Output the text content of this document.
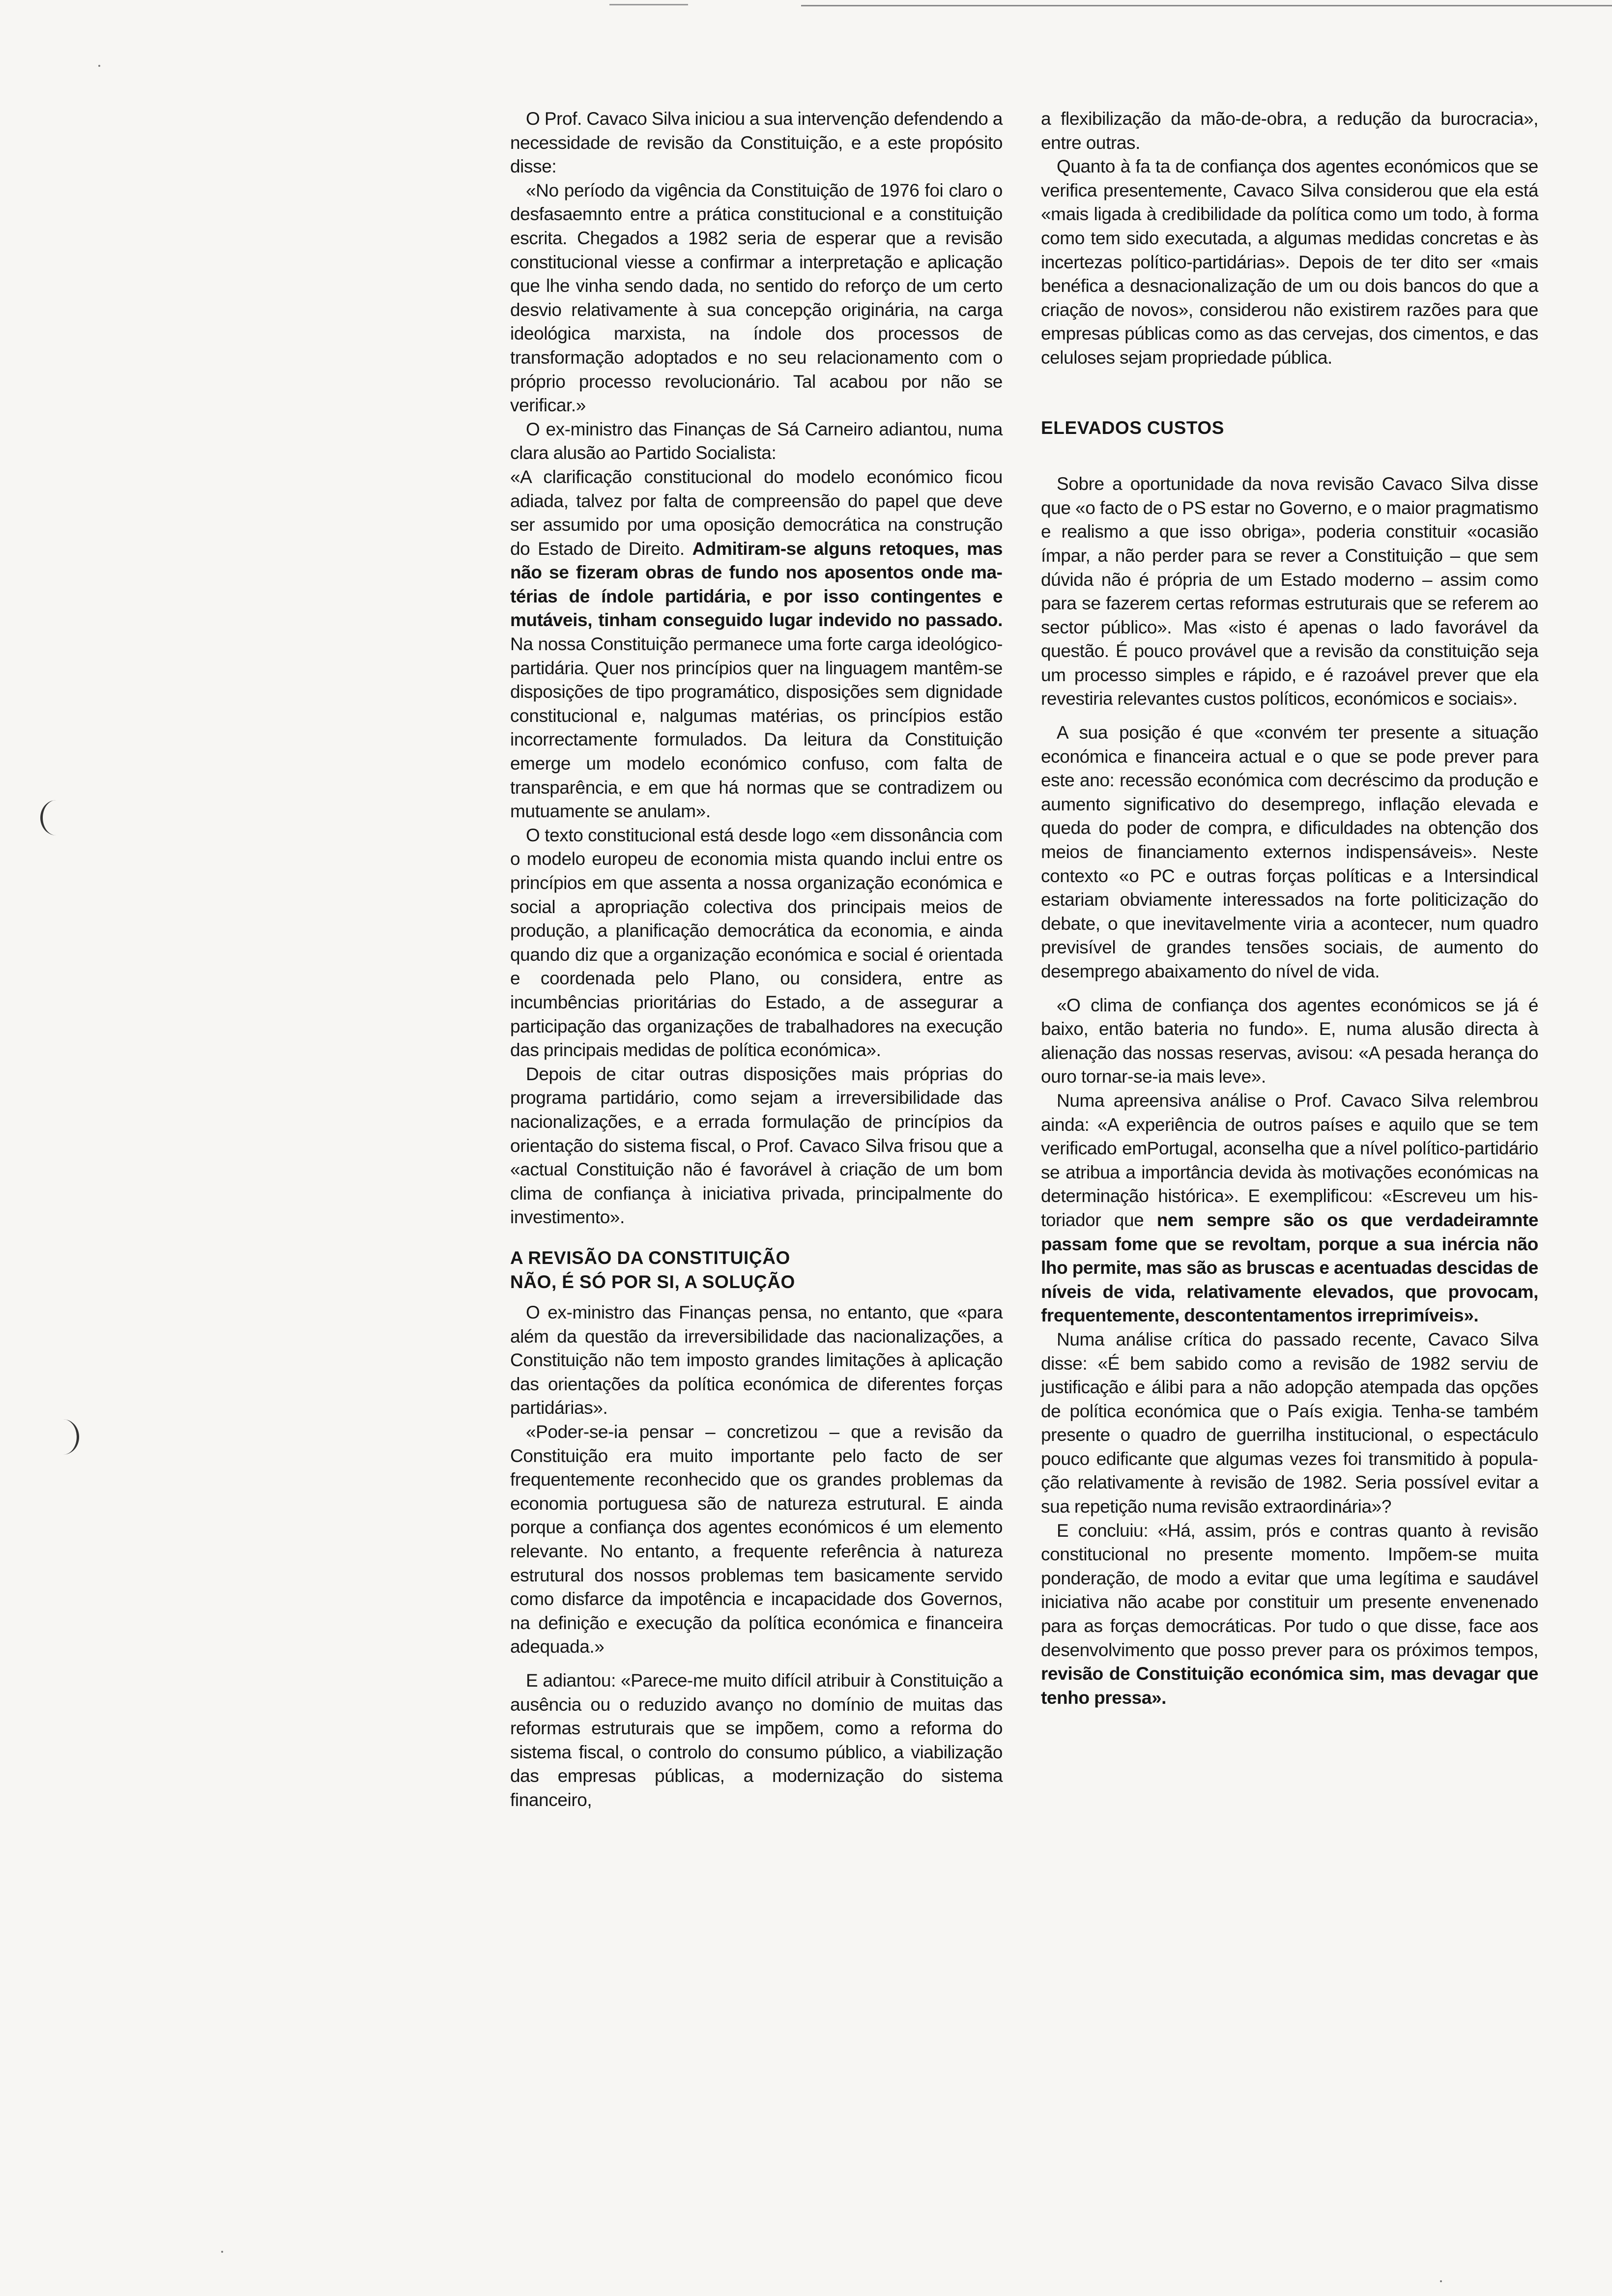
O Prof. Cavaco Silva iniciou a sua intervenção defendendo a necessidade de revisão da Constituição, e a este propósito disse:

«No período da vigência da Constituição de 1976 foi claro o desfasaemnto entre a prática constitucional e a constituição escrita. Chegados a 1982 seria de esperar que a revisão constitucional viesse a confirmar a interpretação e aplicação que lhe vinha sendo dada, no sentido do reforço de um certo desvio relativamente à sua concepção originária, na carga ideológica marxista, na índole dos processos de transformação adoptados e no seu relacionamento com o próprio processo revolucionário. Tal acabou por não se verificar.»

O ex-ministro das Finanças de Sá Carneiro adiantou, numa clara alusão ao Partido Socialista:

«A clarificação constitucional do modelo económico ficou adiada, talvez por falta de compreensão do papel que deve ser assumido por uma oposição democrática na construção do Estado de Direito. Admitiram-se alguns retoques, mas não se fizeram obras de fundo nos aposentos onde matérias de índole partidária, e por isso contingentes e mutáveis, tinham conseguido lugar indevido no passado. Na nossa Constituição permanece uma forte carga ideológico-partidária. Quer nos princípios quer na linguagem mantêm-se disposições de tipo programático, disposições sem dignidade constitucional e, nalgumas matérias, os princípios estão incorrectamente formulados. Da leitura da Constituição emerge um modelo económico confuso, com falta de transparência, e em que há normas que se contradizem ou mutuamente se anulam».

O texto constitucional está desde logo «em dissonância com o modelo europeu de economia mista quando inclui entre os princípios em que assenta a nossa organização económica e social a apropriação colectiva dos principais meios de produção, a planificação democrática da economia, e ainda quando diz que a organização económica e social é orientada e coordenada pelo Plano, ou considera, entre as incumbências prioritárias do Estado, a de assegurar a participação das organizações de trabalhadores na execução das principais medidas de política económica».

Depois de citar outras disposições mais próprias do programa partidário, como sejam a irreversibilidade das nacionalizações, e a errada formulação de princípios da orientação do sistema fiscal, o Prof. Cavaco Silva frisou que a «actual Constituição não é favorável à criação de um bom clima de confiança à iniciativa privada, principalmente do investimento».

A REVISÃO DA CONSTITUIÇÃO
NÃO, É SÓ POR SI, A SOLUÇÃO

O ex-ministro das Finanças pensa, no entanto, que «para além da questão da irreversibilidade das nacionalizações, a Constituição não tem imposto grandes limitações à aplicação das orientações da política económica de diferentes forças partidárias».

«Poder-se-ia pensar – concretizou – que a revisão da Constituição era muito importante pelo facto de ser frequentemente reconhecido que os grandes problemas da economia portuguesa são de natureza estrutural. E ainda porque a confiança dos agentes económicos é um elemento relevante. No entanto, a frequente referência à natureza estrutural dos nossos problemas tem basicamente servido como disfarce da impotência e incapacidade dos Governos, na definição e execução da política económica e financeira adequada.»

E adiantou: «Parece-me muito difícil atribuir à Constituição a ausência ou o reduzido avanço no domínio de muitas das reformas estruturais que se impõem, como a reforma do sistema fiscal, o controlo do consumo público, a viabilização das empresas públicas, a modernização do sistema financeiro,

a flexibilização da mão-de-obra, a redução da burocracia», entre outras.

Quanto à fa ta de confiança dos agentes económicos que se verifica presentemente, Cavaco Silva considerou que ela está «mais ligada à credibilidade da política como um todo, à forma como tem sido executada, a algumas medidas concretas e às incertezas político-partidárias». Depois de ter dito ser «mais benéfica a desnacionalização de um ou dois bancos do que a criação de novos», considerou não existirem razões para que empresas públicas como as das cervejas, dos cimentos, e das celuloses sejam propriedade pública.

ELEVADOS CUSTOS

Sobre a oportunidade da nova revisão Cavaco Silva disse que «o facto de o PS estar no Governo, e o maior pragmatismo e realismo a que isso obriga», poderia constituir «ocasião ímpar, a não perder para se rever a Constituição – que sem dúvida não é própria de um Estado moderno – assim como para se fazerem certas reformas estruturais que se referem ao sector público». Mas «isto é apenas o lado favorável da questão. É pouco provável que a revisão da constituição seja um processo simples e rápido, e é razoável prever que ela revestiria relevantes custos políticos, económicos e sociais».

A sua posição é que «convém ter presente a situação económica e financeira actual e o que se pode prever para este ano: recessão económica com decréscimo da produção e aumento significativo do desemprego, inflação elevada e queda do poder de compra, e dificuldades na obtenção dos meios de financiamento externos indispensáveis». Neste contexto «o PC e outras forças políticas e a Intersindical estariam obviamente interessados na forte politicização do debate, o que inevitavelmente viria a acontecer, num quadro previsível de grandes tensões sociais, de aumento do desemprego abaixamento do nível de vida.

«O clima de confiança dos agentes económicos se já é baixo, então bateria no fundo». E, numa alusão directa à alienação das nossas reservas, avisou: «A pesada herança do ouro tornar-se-ia mais leve».

Numa apreensiva análise o Prof. Cavaco Silva relembrou ainda: «A experiência de outros países e aquilo que se tem verificado emPortugal, aconselha que a nível político-partidário se atribua a importância devida às motivações económicas na determinação histórica». E exemplificou: «Escreveu um historiador que nem sempre são os que verdadeiramnte passam fome que se revoltam, porque a sua inércia não lho permite, mas são as bruscas e acentuadas descidas de níveis de vida, relativamente elevados, que provocam, frequentemente, descontentamentos irreprimíveis».

Numa análise crítica do passado recente, Cavaco Silva disse: «É bem sabido como a revisão de 1982 serviu de justificação e álibi para a não adopção atempada das opções de política económica que o País exigia. Tenha-se também presente o quadro de guerrilha institucional, o espectáculo pouco edificante que algumas vezes foi transmitido à população relativamente à revisão de 1982. Seria possível evitar a sua repetição numa revisão extraordinária»?

E concluiu: «Há, assim, prós e contras quanto à revisão constitucional no presente momento. Impõem-se muita ponderação, de modo a evitar que uma legítima e saudável iniciativa não acabe por constituir um presente envenenado para as forças democráticas. Por tudo o que disse, face aos desenvolvimento que posso prever para os próximos tempos, revisão de Constituição económica sim, mas devagar que tenho pressa».
